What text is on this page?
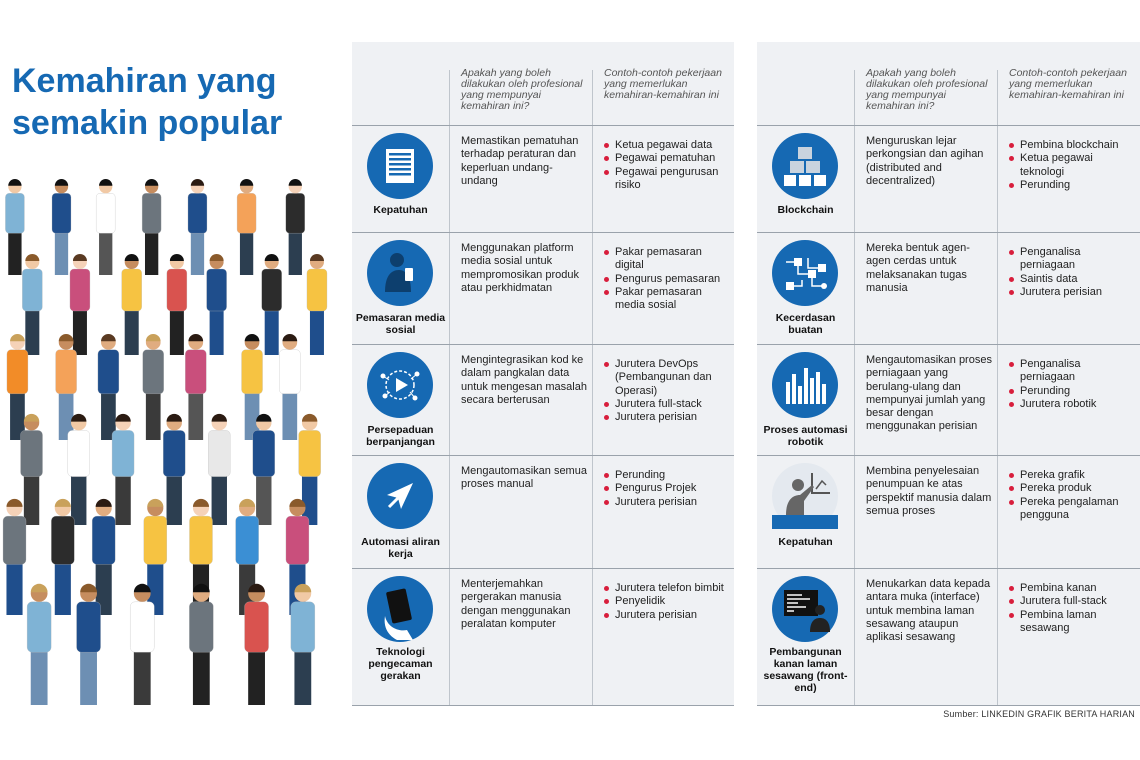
Kemahiran yang
semakin popular
Apakah yang boleh dilakukan oleh profesional yang mempunyai kemahiran ini?
Contoh-contoh pekerjaan yang memerlukan kemahiran-kemahiran ini
Kepatuhan
Memastikan pematuhan terhadap peraturan dan keperluan undang-undang
Ketua pegawai data
Pegawai pematuhan
Pegawai pengurusan risiko
Pemasaran media sosial
Menggunakan platform media sosial untuk mempromosikan produk atau perkhidmatan
Pakar pemasaran digital
Pengurus pemasaran
Pakar pemasaran media sosial
Persepaduan berpanjangan
Mengintegrasikan kod ke dalam pangkalan data untuk mengesan masalah secara berterusan
Jurutera DevOps (Pembangunan dan Operasi)
Jurutera full-stack
Jurutera perisian
Automasi aliran kerja
Mengautomasikan semua proses manual
Perunding
Pengurus Projek
Jurutera perisian
Teknologi pengecaman gerakan
Menterjemahkan pergerakan manusia dengan menggunakan peralatan komputer
Jurutera telefon bimbit
Penyelidik
Jurutera perisian
Apakah yang boleh dilakukan oleh profesional yang mempunyai kemahiran ini?
Contoh-contoh pekerjaan yang memerlukan kemahiran-kemahiran ini
Blockchain
Menguruskan lejar perkongsian dan agihan (distributed and decentralized)
Pembina blockchain
Ketua pegawai teknologi
Perunding
Kecerdasan buatan
Mereka bentuk agen-agen cerdas untuk melaksanakan tugas manusia
Penganalisa perniagaan
Saintis data
Jurutera perisian
Proses automasi robotik
Mengautomasikan proses perniagaan yang berulang-ulang dan mempunyai jumlah yang besar dengan menggunakan perisian
Penganalisa perniagaan
Perunding
Jurutera robotik
Kepatuhan
Membina penyelesaian penumpuan ke atas perspektif manusia dalam semua proses
Pereka grafik
Pereka produk
Pereka pengalaman pengguna
Pembangunan kanan laman sesawang (front-end)
Menukarkan data kepada antara muka (interface) untuk membina laman sesawang ataupun aplikasi sesawang
Pembina kanan
Jurutera full-stack
Pembina laman sesawang
Sumber: LINKEDIN GRAFIK BERITA HARIAN
